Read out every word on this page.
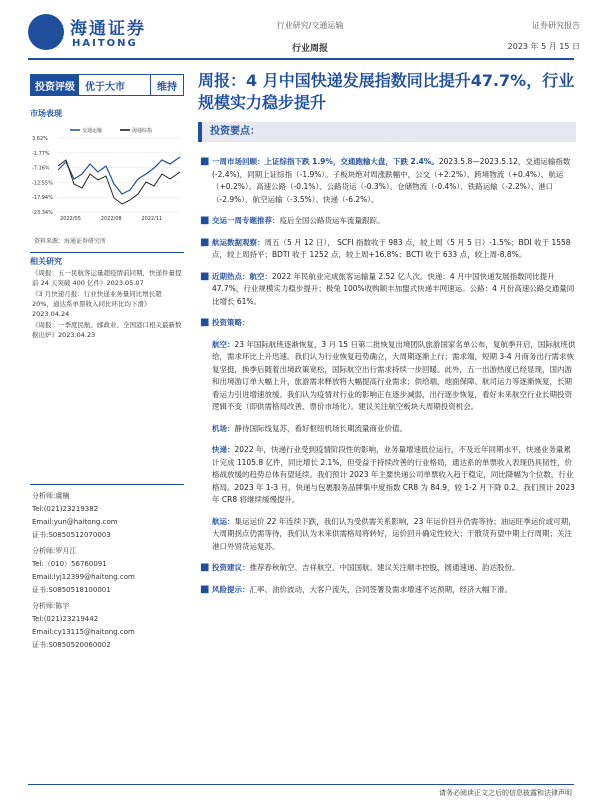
海通证券
HAITONG
行业研究/交通运输
行业周报
证券研究报告
2023 年 5 月 15 日
投资评级	优于大市	维持	周报：4 月中国快递发展指数同比提升47.7%，行业规模实力稳步提升
市场表现
3.62%
-1.77%
-7.16%
-12.55%
-17.94%
-23.34%
2022/05	2022/08	2022/11
交通运输	海通综指
资料来源：海通证券研究所
相关研究

《周报：五一民航客运量超疫情前同期，快递件量提前 24 天突破 400 亿件》2023.05.07

《3 月快递月报：行业快递业务量同比增长超 20%，通达系单票收入同比环比均下滑》2023.04.24

《周报：一季度民航、邮政业、全国港口相关最新数据出炉》2023.04.23

分析师:虞楠
Tel:(021)23219382
Email:yun@haitong.com
证书:S0850512070003
分析师:罗月江
Tel:（010）56760091
Email:lyj12399@haitong.com
证书:S0850518100001
分析师:陈宇
Tel:(021)23219442
Email:cy13115@haitong.com
证书:S0850520060002
投资要点：
■ 一周市场回顾：上证综指下跌 1.9%，交通跑输大盘，下跌 2.4%。2023.5.8—2023.5.12，交通运输指数(-2.4%)，同期上证综指（-1.9%）。子板块绝对周涨跌幅中，公交（+2.2%）、跨境物流（+0.4%）、航运（+0.2%）、高速公路（-0.1%）、公路货运（-0.3%）、仓储物流（-0.4%）、铁路运输（-2.2%）、港口（-2.9%）、航空运输（-3.5%）、快递（-6.2%）。
■ 交运一周专题推荐：疫后全国公路货运车流量跟踪。
■ 航运数据观察：周五（5 月 12 日）， SCFI 指数收于 983 点，较上周（5 月 5 日）-1.5%；BDI 收于 1558 点，较上周持平；BDTI 收于 1252 点，较上周+16.8%；BCTI 收于 633 点，较上周-8.8%。
■ 近期热点：航空：2022 年民航业完成旅客运输量 2.52 亿人次。快递：4 月中国快递发展指数同比提升 47.7%，行业规模实力稳步提升；极兔 100%收购顺丰加盟式快递丰网速运。公路：4 月份高速公路交通量同比增长 61%。
■ 投资策略：
航空：23 年国际航班逐渐恢复，3 月 15 日第二批恢复出境团队旅游国家名单公布，复航季开启，国际航班供给，需求环比上升迅速。我们认为行业恢复趋势确立，大周期逐渐上行；需求端，短期 3-4 月商务出行需求恢复坚挺，换季后随着出境政策宽松，国际航空出行需求持续一步回暖。此外，五一出游热度已经显现，国内游和出境游订单大幅上升，旅游需求释放将大幅提高行业需求；供给端，地面保障、航司运力等逐渐恢复，长期看运力引进增速放缓。我们认为疫情对行业的影响正在逐步减弱，出行逐步恢复，看好未来航空行业长期投资逻辑不变（即供需格局改善、票价市场化）。建议关注航空板块大周期投资机会。
机场：静待国际线复苏，看好枢纽机场长期流量商业价值。
快递：2022 年，快递行业受到疫情阶段性的影响，业务量增速低位运行，不及近年同期水平，快递业务量累计完成 1105.8 亿件，同比增长 2.1%，但受益于持续改善的行业格局，通达系的单票收入表现仍具韧性，价格战放缓的趋势总体有望延续。我们预计 2023 年主要快递公司单票收入趋于稳定，同比降幅为个位数，行业格局。2023 年 1-3 月，快递与包裹服务品牌集中度指数 CR8 为 84.9，较 1-2 月下降 0.2。我们预计 2023 年 CR8 将继续缓慢提升。
航运：集运运价 22 年连续下跌，我们认为受供需关系影响，23 年运价回升仍需等待；油运旺季运价或可期，大周期拐点仍需等待，我们认为未来供需格局将转好，运价回升确定性较大；干散货有望中期上行周期；关注港口外贸货运复苏。
■ 投资建议：推荐春秋航空、吉祥航空、中国国航。建议关注顺丰控股、圆通速递、韵达股份。
■ 风险提示：汇率、油价波动，大客户流失，合同签署及需求增速不达预期，经济大幅下滑。
请务必阅读正文之后的信息披露和法律声明
